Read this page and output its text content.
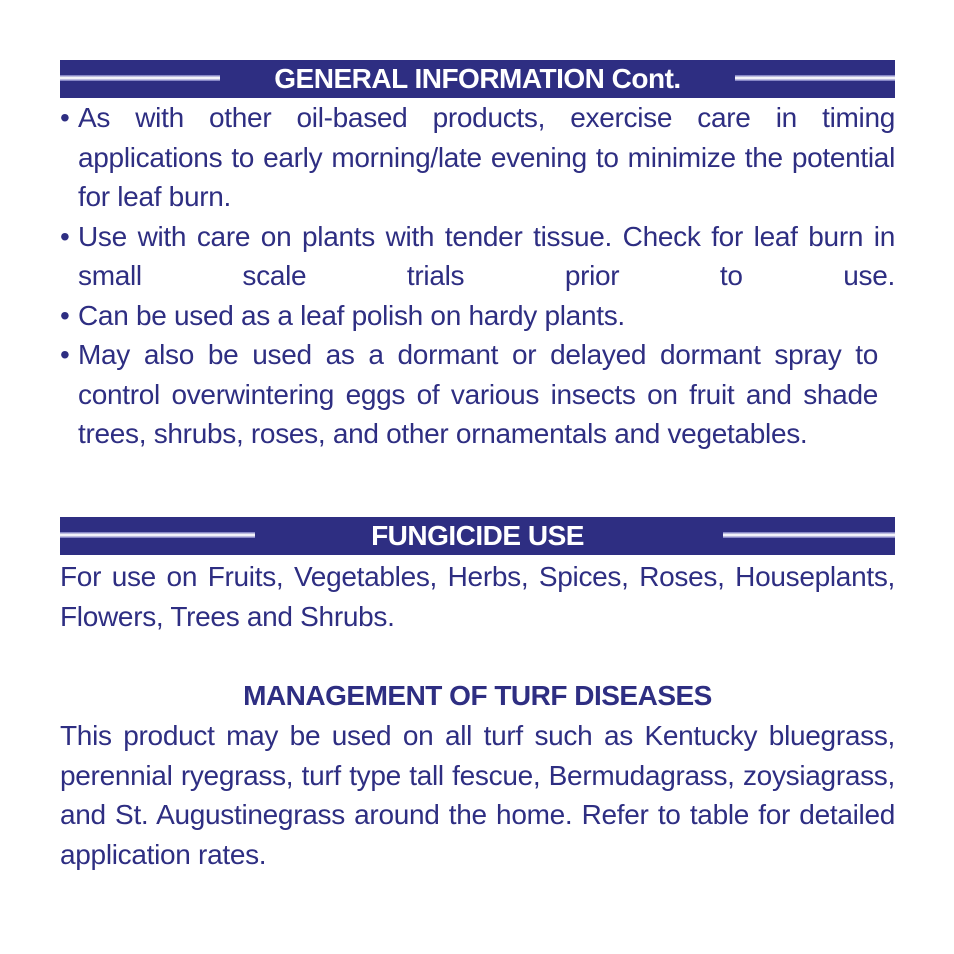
GENERAL INFORMATION Cont.
• As with other oil-based products, exercise care in timing applications to early morning/late evening to minimize the potential for leaf burn.
• Use with care on plants with tender tissue. Check for leaf burn in small scale trials prior to use.
• Can be used as a leaf polish on hardy plants.
• May also be used as a dormant or delayed dormant spray to control overwintering eggs of various insects on fruit and shade trees, shrubs, roses, and other ornamentals and vegetables.
FUNGICIDE USE
For use on Fruits, Vegetables, Herbs, Spices, Roses, Houseplants, Flowers, Trees and Shrubs.
MANAGEMENT OF TURF DISEASES
This product may be used on all turf such as Kentucky bluegrass, perennial ryegrass, turf type tall fescue, Bermudagrass, zoysiagrass, and St. Augustinegrass around the home. Refer to table for detailed application rates.
